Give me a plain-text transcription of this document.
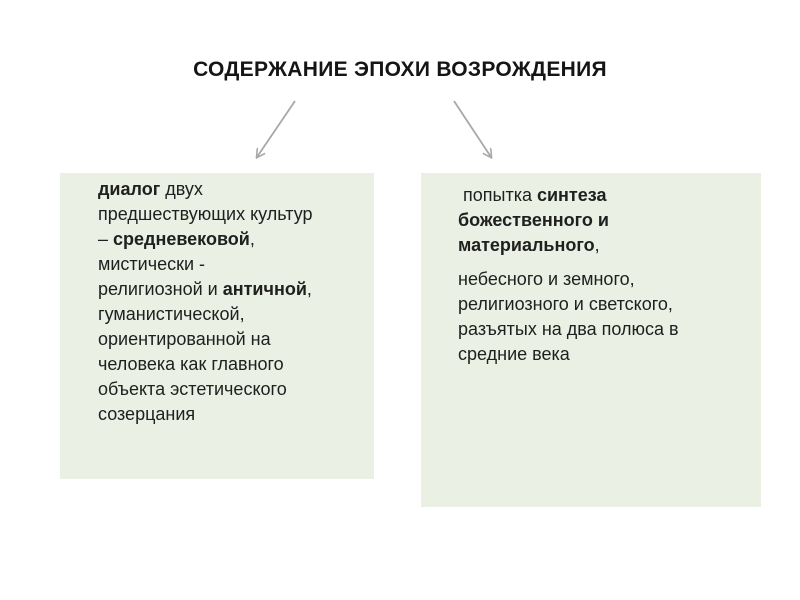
СОДЕРЖАНИЕ ЭПОХИ ВОЗРОЖДЕНИЯ
диалог двух
предшествующих культур
– средневековой,
мистически -
религиозной и античной,
гуманистической,
ориентированной на
человека как главного
объекта эстетического
созерцания
попытка синтеза
божественного и
материального,
небесного и земного,
религиозного и светского,
разъятых на два полюса в
средние века
